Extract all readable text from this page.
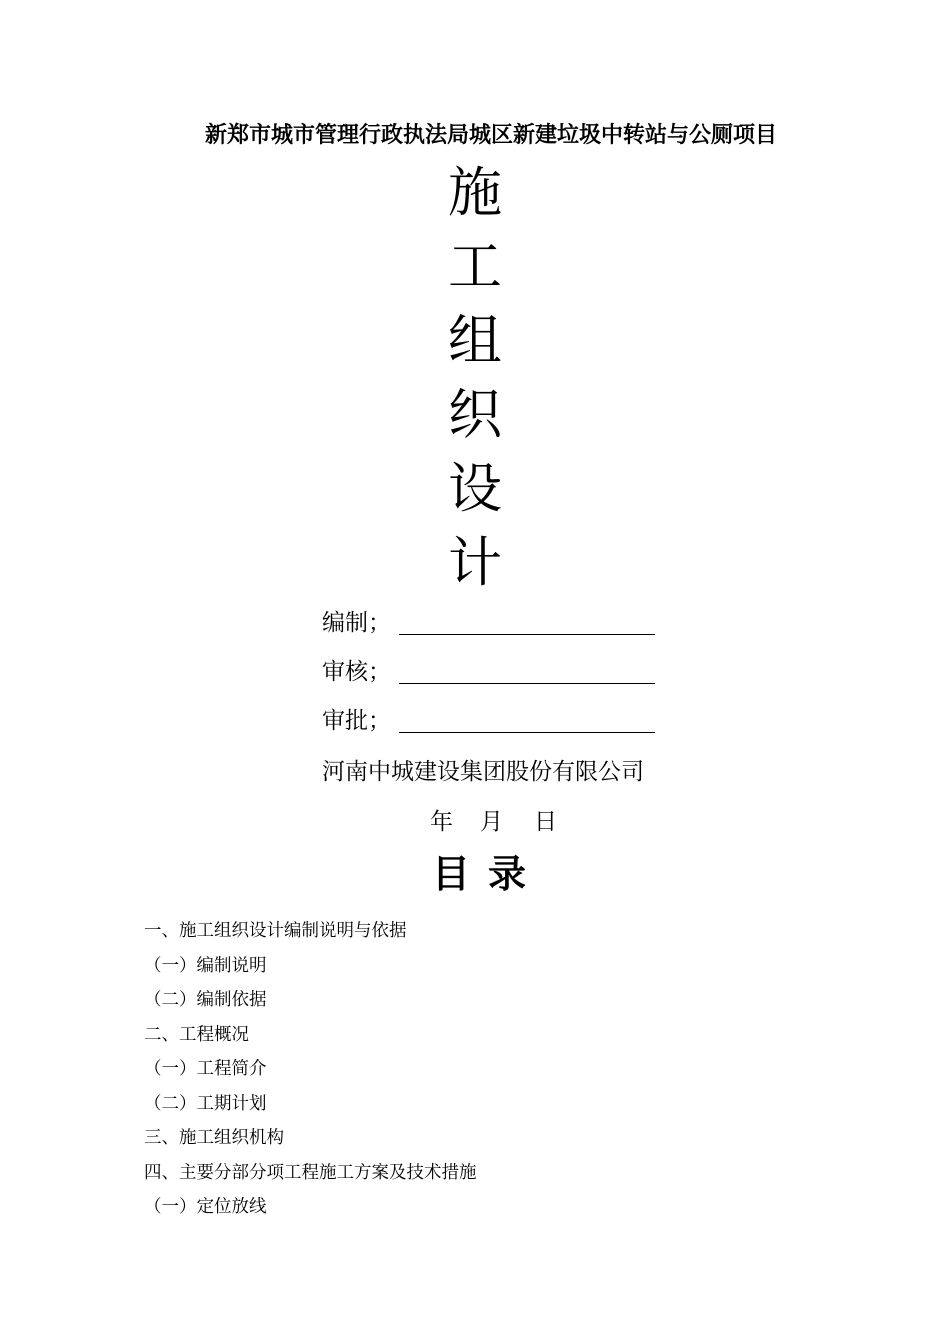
新郑市城市管理行政执法局城区新建垃圾中转站与公厕项目
施
工
组
织
设
计
编制；
审核；
审批；
河南中城建设集团股份有限公司
年 月 日
目录
一、施工组织设计编制说明与依据
（一）编制说明
（二）编制依据
二、工程概况
（一）工程简介
（二）工期计划
三、施工组织机构
四、主要分部分项工程施工方案及技术措施
（一）定位放线
